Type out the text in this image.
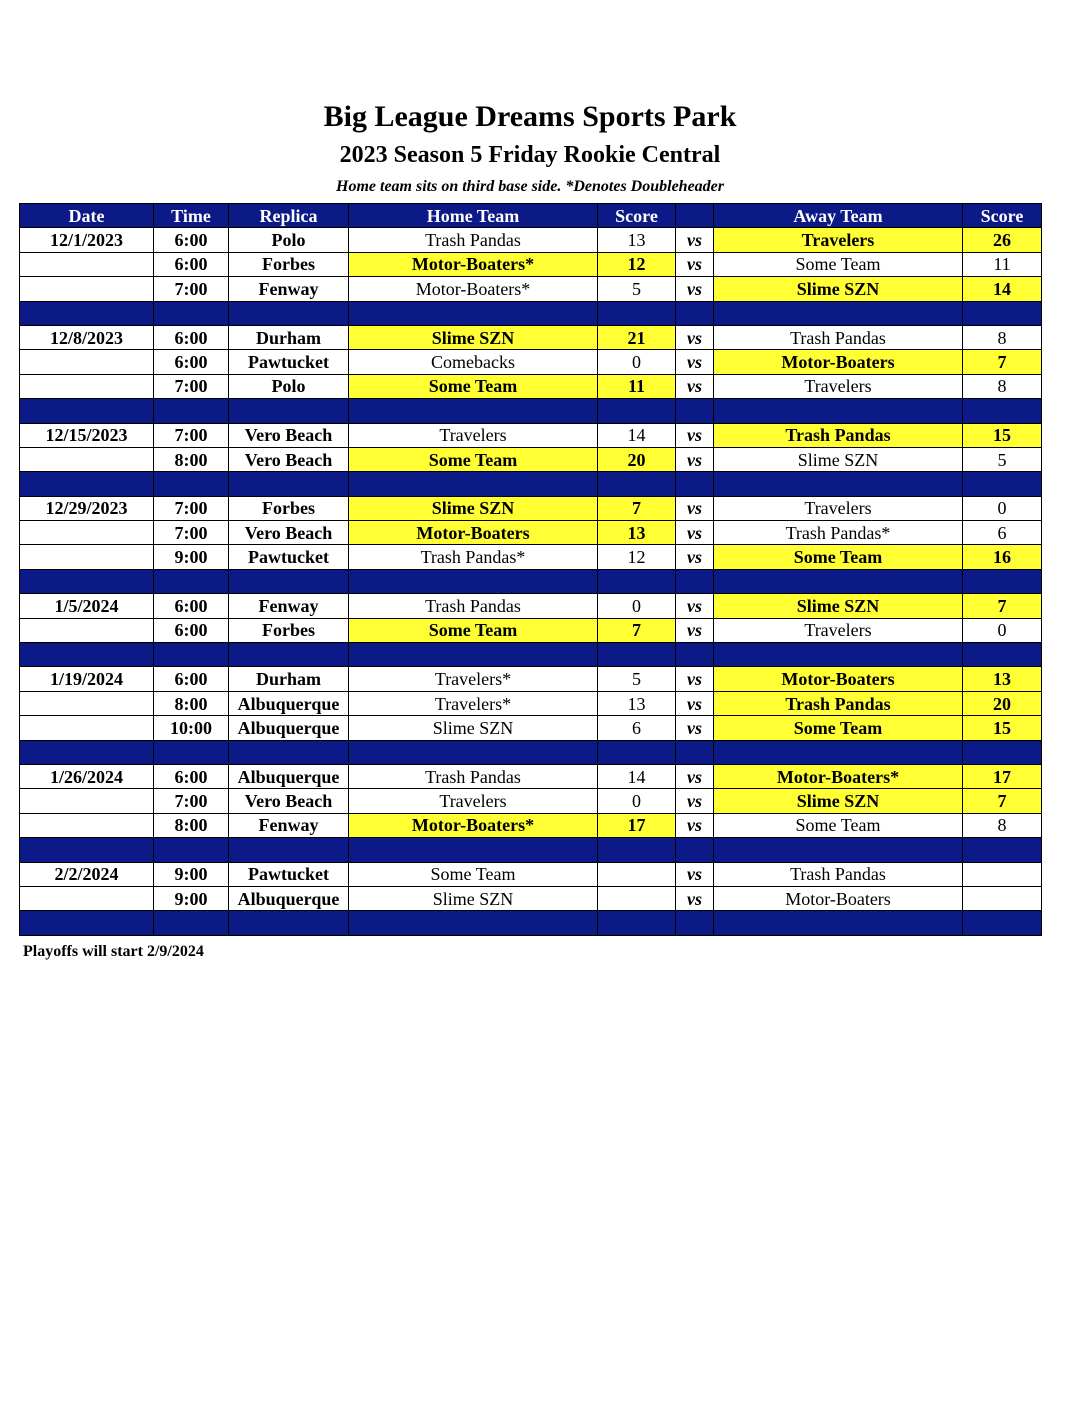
Big League Dreams Sports Park
2023 Season 5 Friday Rookie Central
Home team sits on third base side. *Denotes Doubleheader
Date	Time	Replica	Home Team	Score		Away Team	Score
12/1/2023	6:00	Polo	Trash Pandas	13	vs	Travelers	26
	6:00	Forbes	Motor-Boaters*	12	vs	Some Team	11
	7:00	Fenway	Motor-Boaters*	5	vs	Slime SZN	14

12/8/2023	6:00	Durham	Slime SZN	21	vs	Trash Pandas	8
	6:00	Pawtucket	Comebacks	0	vs	Motor-Boaters	7
	7:00	Polo	Some Team	11	vs	Travelers	8

12/15/2023	7:00	Vero Beach	Travelers	14	vs	Trash Pandas	15
	8:00	Vero Beach	Some Team	20	vs	Slime SZN	5

12/29/2023	7:00	Forbes	Slime SZN	7	vs	Travelers	0
	7:00	Vero Beach	Motor-Boaters	13	vs	Trash Pandas*	6
	9:00	Pawtucket	Trash Pandas*	12	vs	Some Team	16

1/5/2024	6:00	Fenway	Trash Pandas	0	vs	Slime SZN	7
	6:00	Forbes	Some Team	7	vs	Travelers	0

1/19/2024	6:00	Durham	Travelers*	5	vs	Motor-Boaters	13
	8:00	Albuquerque	Travelers*	13	vs	Trash Pandas	20
	10:00	Albuquerque	Slime SZN	6	vs	Some Team	15

1/26/2024	6:00	Albuquerque	Trash Pandas	14	vs	Motor-Boaters*	17
	7:00	Vero Beach	Travelers	0	vs	Slime SZN	7
	8:00	Fenway	Motor-Boaters*	17	vs	Some Team	8

2/2/2024	9:00	Pawtucket	Some Team		vs	Trash Pandas	
	9:00	Albuquerque	Slime SZN		vs	Motor-Boaters	

Playoffs will start 2/9/2024
